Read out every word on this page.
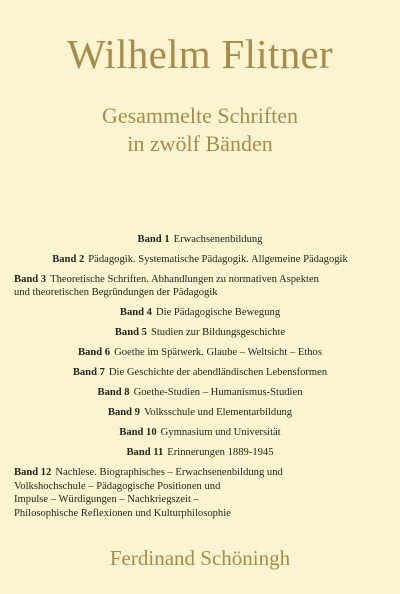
Wilhelm Flitner
Gesammelte Schriften
in zwölf Bänden
Band 1 Erwachsenenbildung
Band 2 Pädagogik. Systematische Pädagogik. Allgemeine Pädagogik
Band 3 Theoretische Schriften. Abhandlungen zu normativen Aspekten
und theoretischen Begründungen der Pädagogik
Band 4 Die Pädagogische Bewegung
Band 5 Studien zur Bildungsgeschichte
Band 6 Goethe im Spätwerk. Glaube – Weltsicht – Ethos
Band 7 Die Geschichte der abendländischen Lebensformen
Band 8 Goethe-Studien – Humanismus-Studien
Band 9 Volksschule und Elementarbildung
Band 10 Gymnasium und Universität
Band 11 Erinnerungen 1889-1945
Band 12 Nachlese. Biographisches – Erwachsenenbildung und
Volkshochschule – Pädagogische Positionen und
Impulse – Würdigungen – Nachkriegszeit –
Philosophische Reflexionen und Kulturphilosophie
Ferdinand Schöningh
